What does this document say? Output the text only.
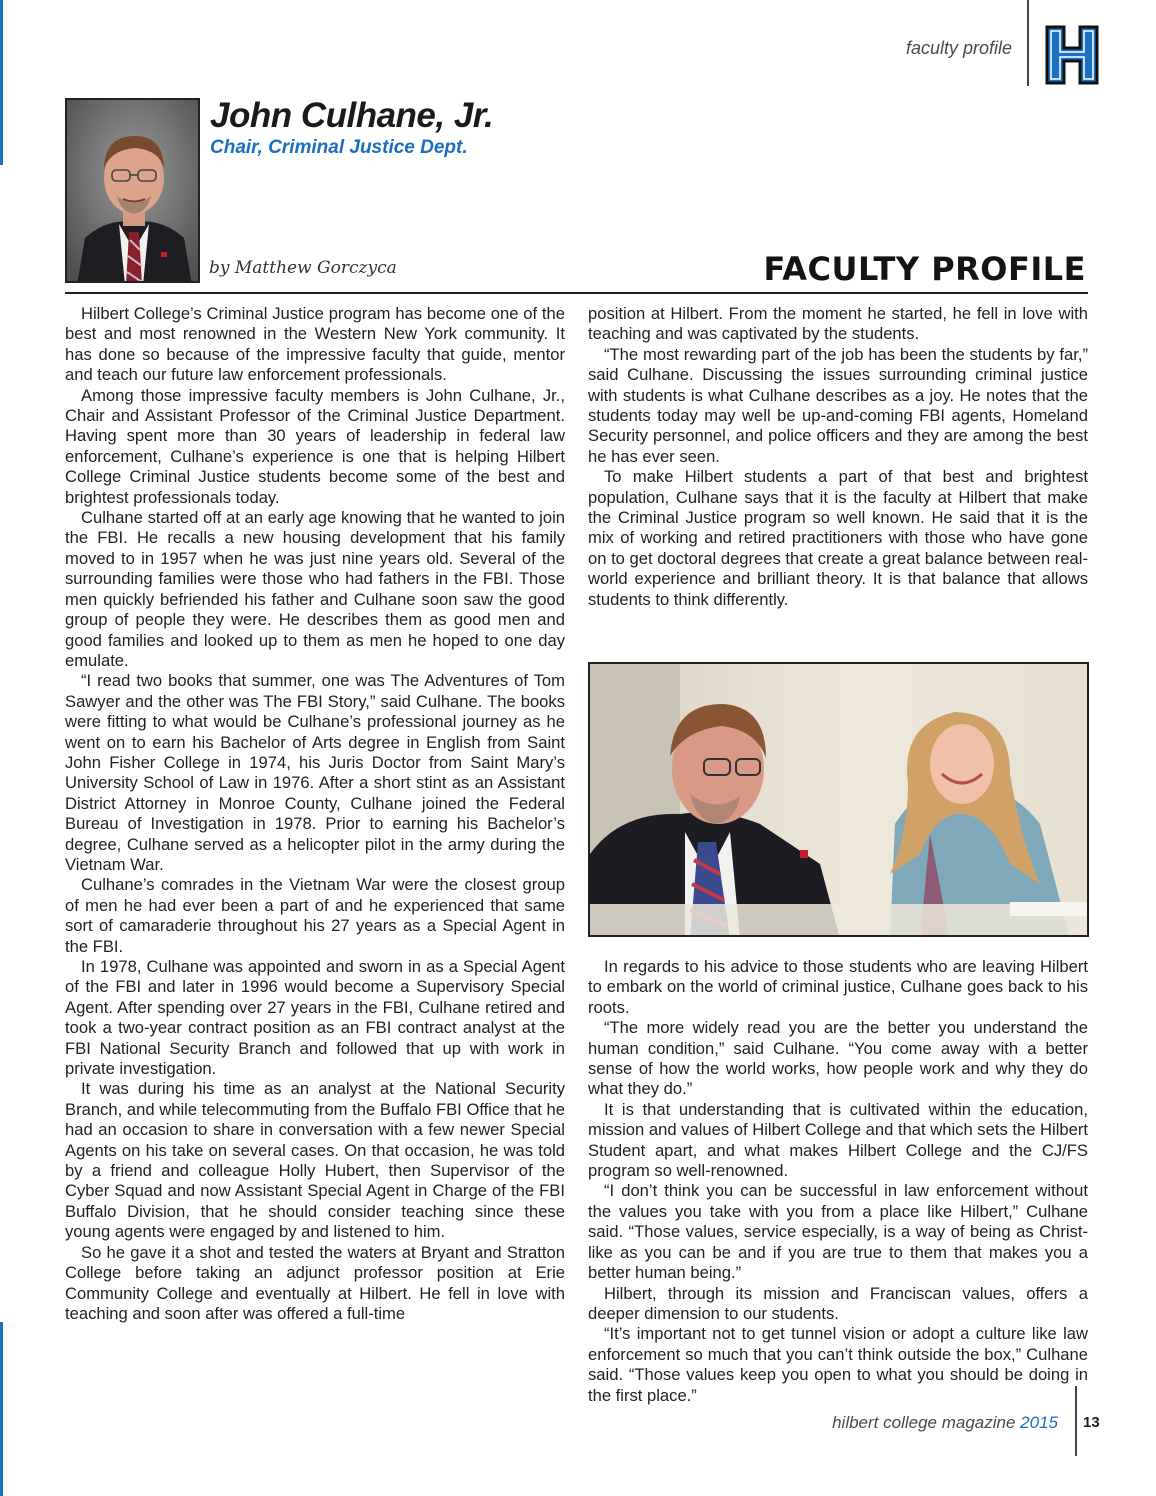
faculty profile
John Culhane, Jr.
Chair, Criminal Justice Dept.
by Matthew Gorczyca	FACULTY PROFILE

Hilbert College’s Criminal Justice program has become one of the best and most renowned in the Western New York community. It has done so because of the impressive faculty that guide, mentor and teach our future law enforcement professionals.

Among those impressive faculty members is John Culhane, Jr., Chair and Assistant Professor of the Criminal Justice Department. Having spent more than 30 years of leadership in federal law enforcement, Culhane’s experience is one that is helping Hilbert College Criminal Justice students become some of the best and brightest professionals today.

Culhane started off at an early age knowing that he wanted to join the FBI. He recalls a new housing development that his family moved to in 1957 when he was just nine years old. Several of the surrounding families were those who had fathers in the FBI. Those men quickly befriended his father and Culhane soon saw the good group of people they were. He describes them as good men and good families and looked up to them as men he hoped to one day emulate.

“I read two books that summer, one was The Adventures of Tom Sawyer and the other was The FBI Story,” said Culhane. The books were fitting to what would be Culhane’s professional journey as he went on to earn his Bachelor of Arts degree in English from Saint John Fisher College in 1974, his Juris Doctor from Saint Mary’s University School of Law in 1976. After a short stint as an Assistant District Attorney in Monroe County, Culhane joined the Federal Bureau of Investigation in 1978. Prior to earning his Bachelor’s degree, Culhane served as a helicopter pilot in the army during the Vietnam War.

Culhane’s comrades in the Vietnam War were the closest group of men he had ever been a part of and he experienced that same sort of camaraderie throughout his 27 years as a Special Agent in the FBI.

In 1978, Culhane was appointed and sworn in as a Special Agent of the FBI and later in 1996 would become a Supervisory Special Agent. After spending over 27 years in the FBI, Culhane retired and took a two-year contract position as an FBI contract analyst at the FBI National Security Branch and followed that up with work in private investigation.

It was during his time as an analyst at the National Security Branch, and while telecommuting from the Buffalo FBI Office that he had an occasion to share in conversation with a few newer Special Agents on his take on several cases. On that occasion, he was told by a friend and colleague Holly Hubert, then Supervisor of the Cyber Squad and now Assistant Special Agent in Charge of the FBI Buffalo Division, that he should consider teaching since these young agents were engaged by and listened to him.

So he gave it a shot and tested the waters at Bryant and Stratton College before taking an adjunct professor position at Erie Community College and eventually at Hilbert. He fell in love with teaching and soon after was offered a full-time

position at Hilbert. From the moment he started, he fell in love with teaching and was captivated by the students.

“The most rewarding part of the job has been the students by far,” said Culhane. Discussing the issues surrounding criminal justice with students is what Culhane describes as a joy. He notes that the students today may well be up-and-coming FBI agents, Homeland Security personnel, and police officers and they are among the best he has ever seen.

To make Hilbert students a part of that best and brightest population, Culhane says that it is the faculty at Hilbert that make the Criminal Justice program so well known. He said that it is the mix of working and retired practitioners with those who have gone on to get doctoral degrees that create a great balance between real-world experience and brilliant theory. It is that balance that allows students to think differently.

In regards to his advice to those students who are leaving Hilbert to embark on the world of criminal justice, Culhane goes back to his roots.

“The more widely read you are the better you understand the human condition,” said Culhane. “You come away with a better sense of how the world works, how people work and why they do what they do.”

It is that understanding that is cultivated within the education, mission and values of Hilbert College and that which sets the Hilbert Student apart, and what makes Hilbert College and the CJ/FS program so well-renowned.

“I don’t think you can be successful in law enforcement without the values you take with you from a place like Hilbert,” Culhane said. “Those values, service especially, is a way of being as Christ-like as you can be and if you are true to them that makes you a better human being.”

Hilbert, through its mission and Franciscan values, offers a deeper dimension to our students.

“It’s important not to get tunnel vision or adopt a culture like law enforcement so much that you can’t think outside the box,” Culhane said. “Those values keep you open to what you should be doing in the first place.”

hilbert college magazine 2015 13
